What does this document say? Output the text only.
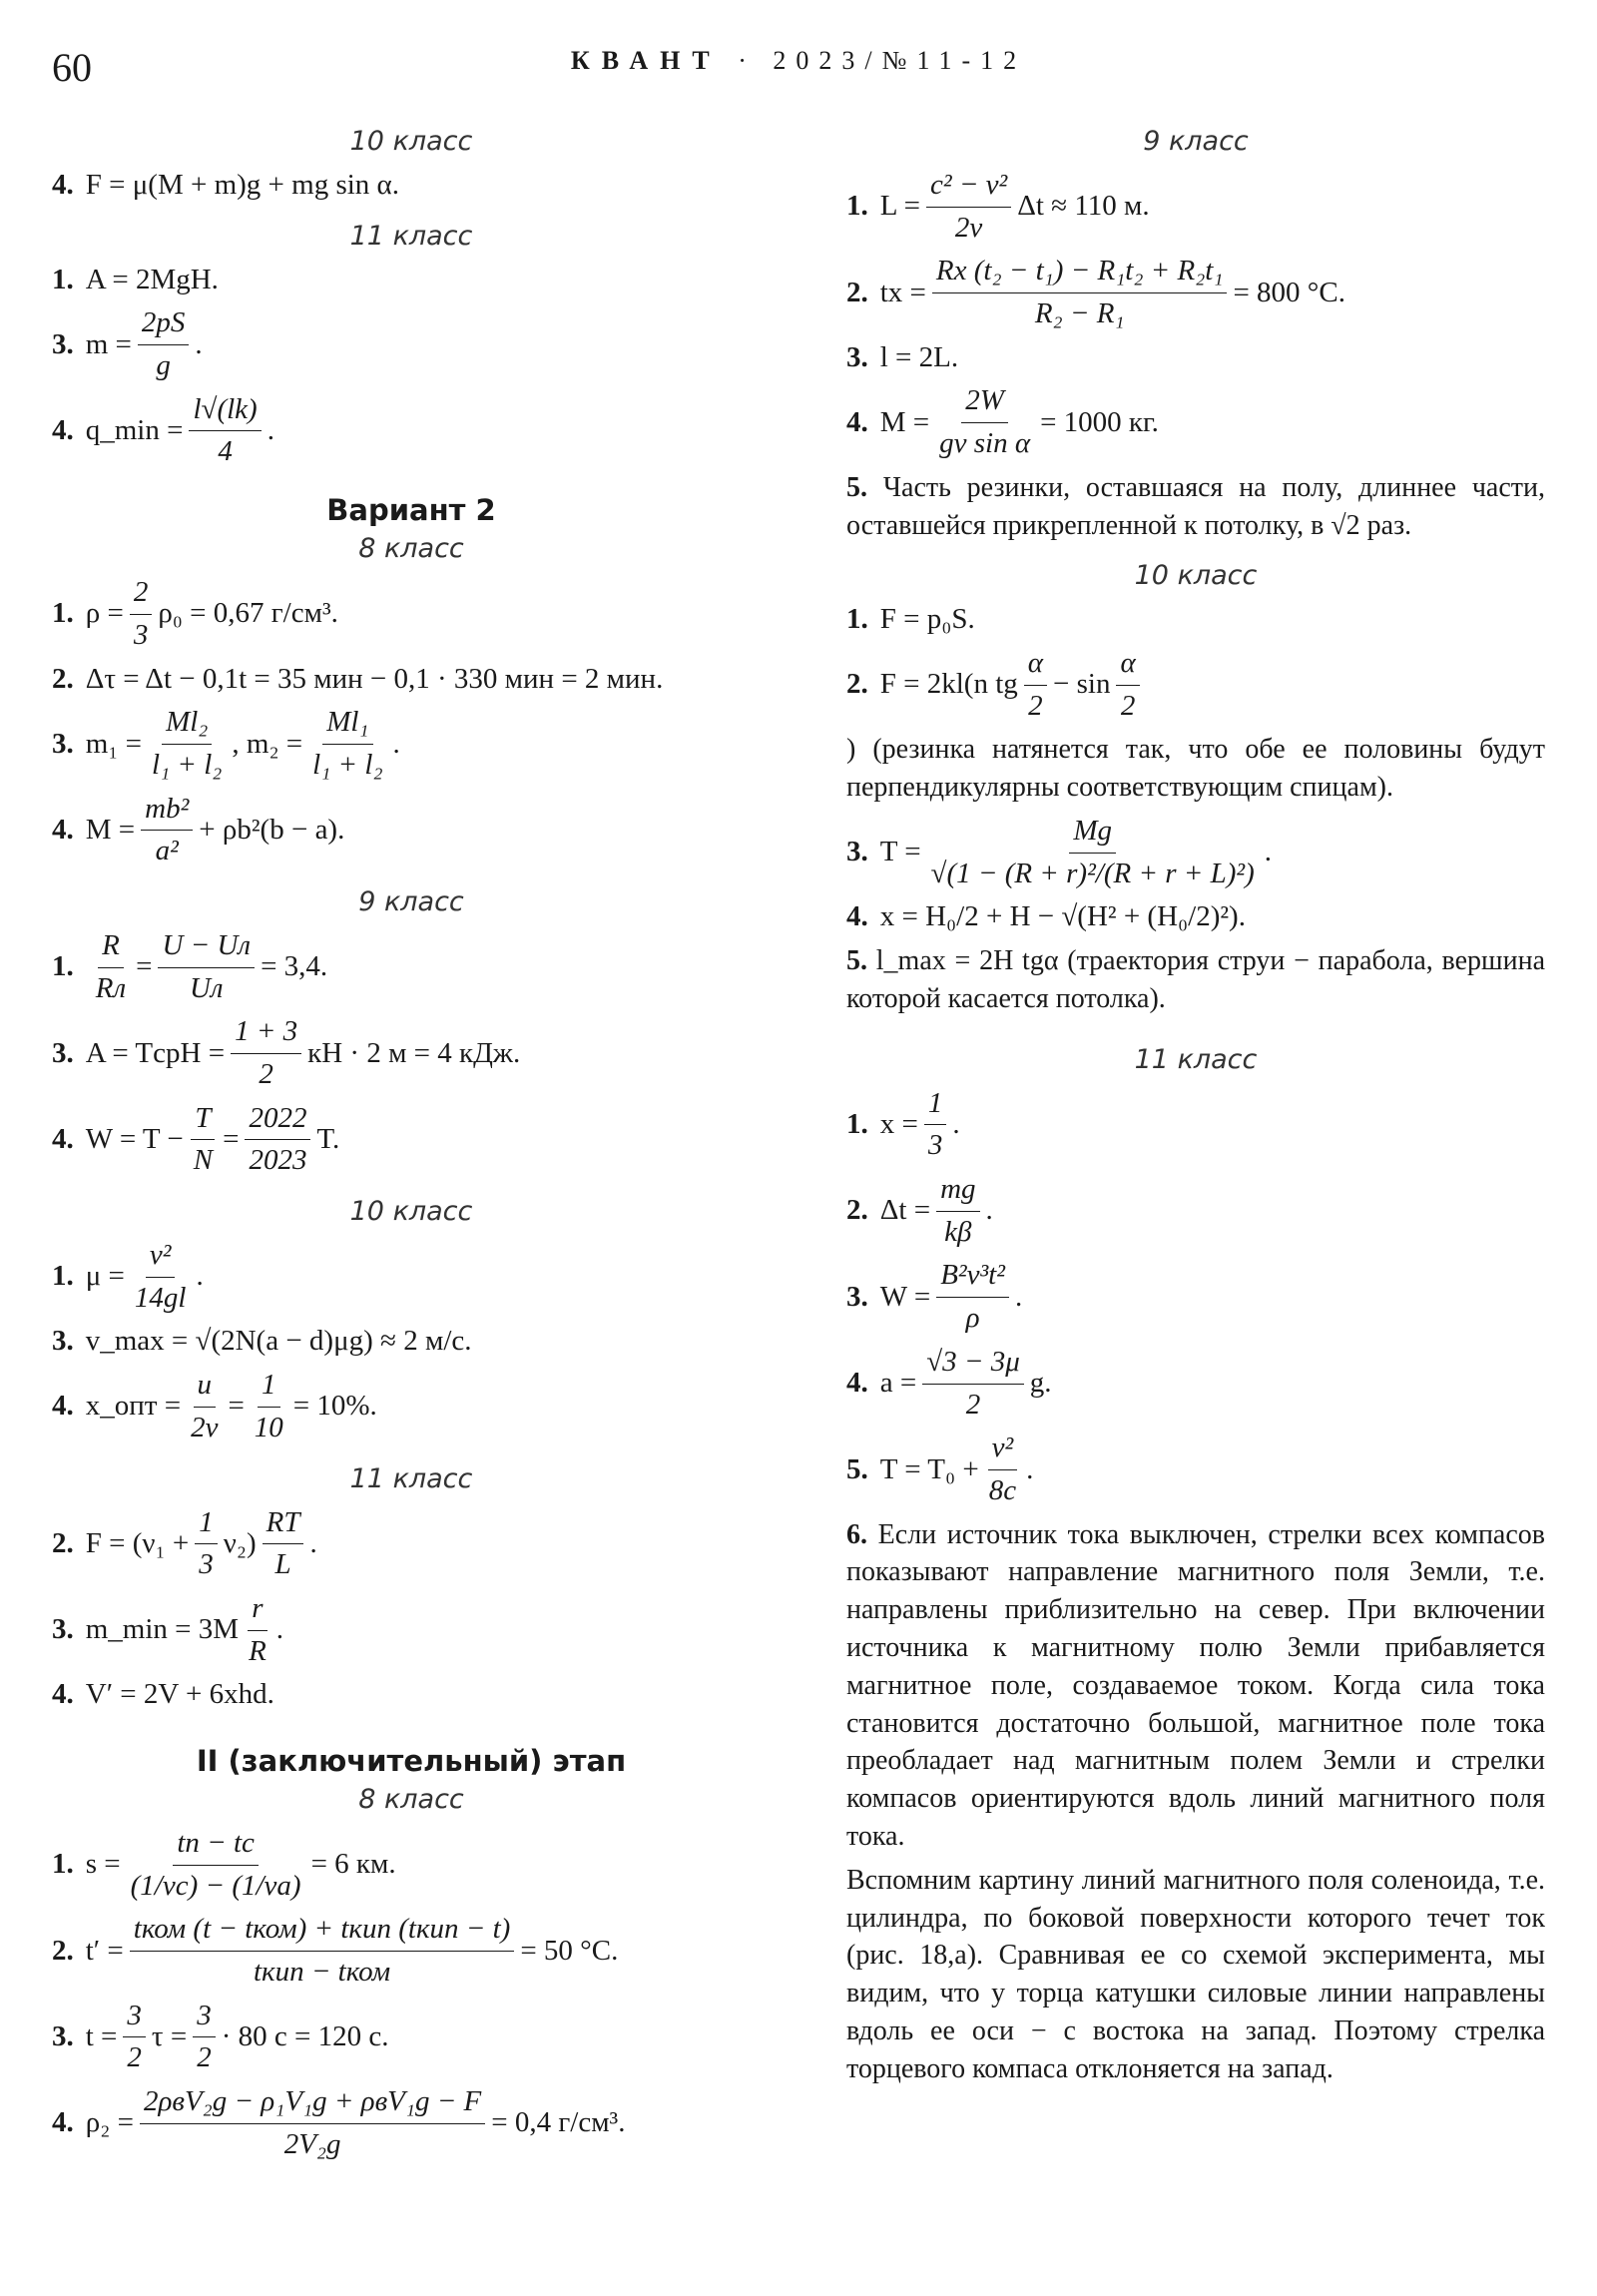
60	КВАНТ · 2023/№11-12
10 класс
4. F = μ(M + m)g + mg sin α.
11 класс
1. A = 2MgH.
3. $m = \frac{2pS}{g}$ .
4. q_min = $\frac{l√(lk)}{4}$ .
Вариант 2
8 класс
1. $\rho = \frac{2}{3} \rho_0 = 0,67$ г/см³.
2. Δτ = Δt − 0,1t = 35 мин − 0,1 · 330 мин = 2 мин.
3. $m_1 = \frac{\text{Ml₂}}{\text{l₁ + l₂}}$ , $m_2 = \frac{\text{Ml₁}}{\text{l₁ + l₂}}$ .
4. $M = \frac{\text{mb²}}{\text{a²}} + \rho b^2(b - a)$.
9 класс
1. $\frac{R}{Rл} = \frac{U - Uл}{Uл} = 3,4$.
3. A = TсрH = $\frac{1 + 3}{2}$ кН · 2 м = 4 кДж.
4. $W = T - \frac{T}{N} = \frac{2022}{2023} T$.
10 класс
1. $\mu = \frac{\text{v²}}{14gl}$ .
3. v_max = √(2N(a − d)μg) ≈ 2 м/с.
4. x_опт = $\frac{u}{2v} = \frac{1}{10} = 10\%$.
11 класс
2. $F = (\nu_1 + \frac{1}{3} \nu_2) \frac{RT}{L}$ .
3. m_min = $3M \frac{r}{R}$ .
4. V′ = 2V + 6xhd.
II (заключительный) этап
8 класс
1. $s = \frac{tп - tс}{(1/vс) - (1/vа)} = 6$ км.
2. $t' = \frac{\text{tком (t − tком) + tкип (tкип − t)}}{\text{tкип − tком}} = 50$ °С.
3. $t = \frac{3}{2}$ $\tau = \frac{3}{2} \cdot 80$ с = 120 с.
4. $\rho_2 = \frac{\text{2ρвV₂g − ρ₁V₁g + ρвV₁g − F}}{\text{2V₂g}} = 0,4$ г/см³.
9 класс
1. $L = \frac{\text{c² − v²}}{2v}$ Δt ≈ 110 м.
2. tx = $\frac{\text{Rx (t₂ − t₁) − R₁t₂ + R₂t₁}}{\text{R₂ − R₁}} = 800$ °С.
3. l = 2L.
4. $M = \frac{2W}{\text{gv sin α}} = 1000$ кг.
5. Часть резинки, оставшаяся на полу, длиннее части, оставшейся прикрепленной к потолку, в √2 раз.
10 класс
1. F = p₀S.
2. F = 2kl(n tg $\frac{\alpha}{2} - \sin \frac{\alpha}{2}$
) (резинка натянется так, что обе ее половины будут перпендикулярны соответствующим спицам).
3. $T = \frac{Mg}{\text{√(1 − (R + r)²/(R + r + L)²)}}$ .
4. x = H₀/2 + H − √(H² + (H₀/2)²).
5. l_max = 2H tgα (траектория струи − парабола, вершина которой касается потолка).
11 класс
1. $x = \frac{1}{3}$ .
2. $\Delta t = \frac{mg}{k\beta}$ .
3. $W = \frac{\text{B²v³t²}}{\rho}$ .
4. $a = \frac{√3 - 3\mu}{2} g$.
5. $T = T_0 + \frac{\text{v²}}{8c}$ .
6. Если источник тока выключен, стрелки всех компасов показывают направление магнитного поля Земли, т.е. направлены приблизительно на север. При включении источника к магнитному полю Земли прибавляется магнитное поле, создаваемое током. Когда сила тока становится достаточно большой, магнитное поле тока преобладает над магнитным полем Земли и стрелки компасов ориентируются вдоль линий магнитного поля тока.
Вспомним картину линий магнитного поля соленоида, т.е. цилиндра, по боковой поверхности которого течет ток (рис. 18,а). Сравнивая ее со схемой эксперимента, мы видим, что у торца катушки силовые линии направлены вдоль ее оси − с востока на запад. Поэтому стрелка торцевого компаса отклоняется на запад.
